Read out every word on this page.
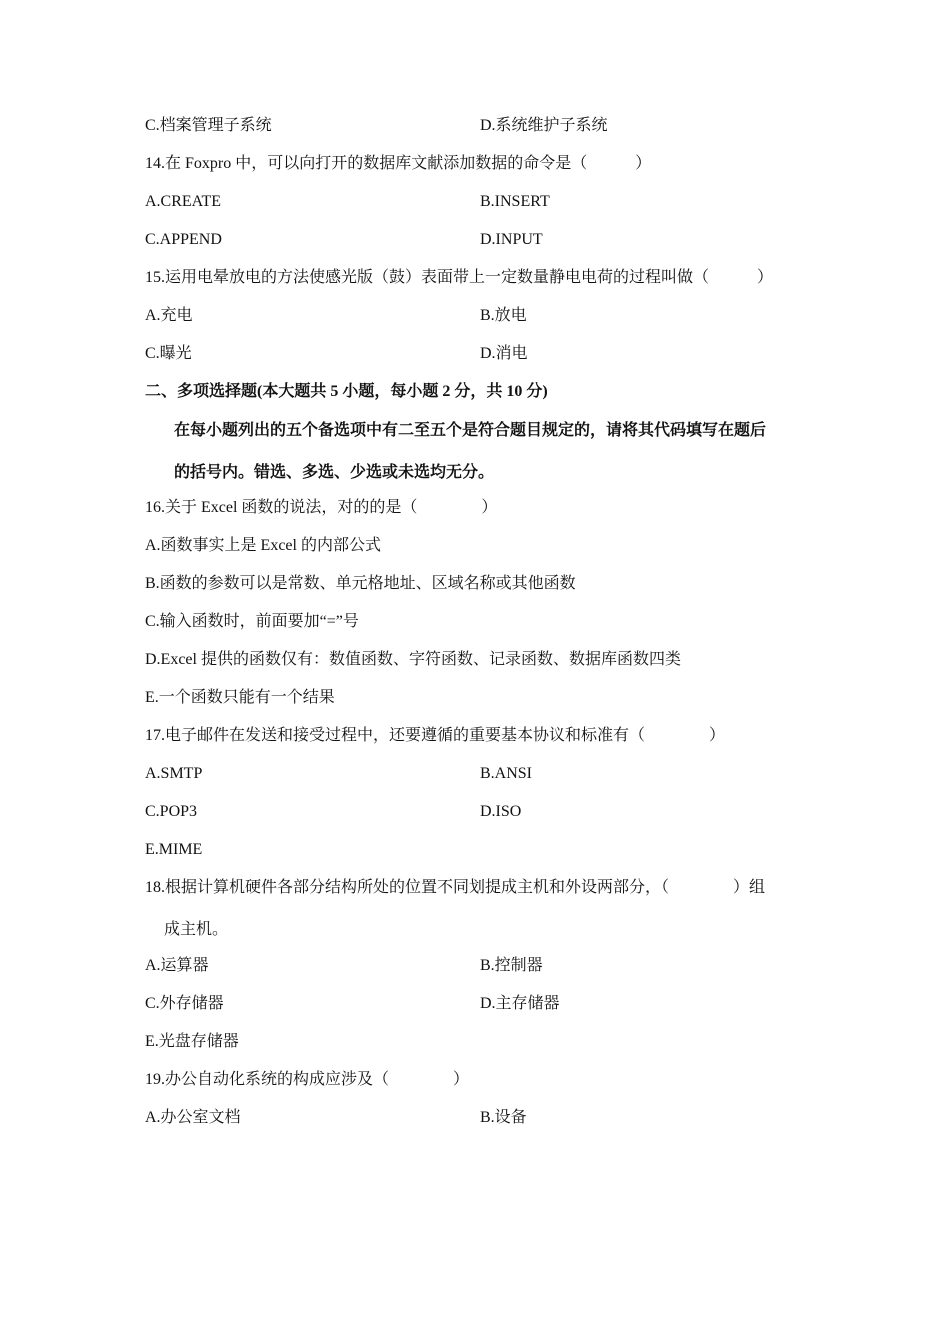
C.档案管理子系统	D.系统维护子系统
14.在 Foxpro 中，可以向打开的数据库文献添加数据的命令是（　　　）
A.CREATE	B.INSERT
C.APPEND	D.INPUT
15.运用电晕放电的方法使感光版（鼓）表面带上一定数量静电电荷的过程叫做（　　　）
A.充电	B.放电
C.曝光	D.消电
二、多项选择题(本大题共 5 小题，每小题 2 分，共 10 分)
在每小题列出的五个备选项中有二至五个是符合题目规定的，请将其代码填写在题后
的括号内。错选、多选、少选或未选均无分。
16.关于 Excel 函数的说法，对的的是（　　　　）
A.函数事实上是 Excel 的内部公式
B.函数的参数可以是常数、单元格地址、区域名称或其他函数
C.输入函数时，前面要加“=”号
D.Excel 提供的函数仅有：数值函数、字符函数、记录函数、数据库函数四类
E.一个函数只能有一个结果
17.电子邮件在发送和接受过程中，还要遵循的重要基本协议和标准有（　　　　）
A.SMTP	B.ANSI
C.POP3	D.ISO
E.MIME
18.根据计算机硬件各部分结构所处的位置不同划提成主机和外设两部分，（　　　　）组
成主机。
A.运算器	B.控制器
C.外存储器	D.主存储器
E.光盘存储器
19.办公自动化系统的构成应涉及（　　　　）
A.办公室文档	B.设备
